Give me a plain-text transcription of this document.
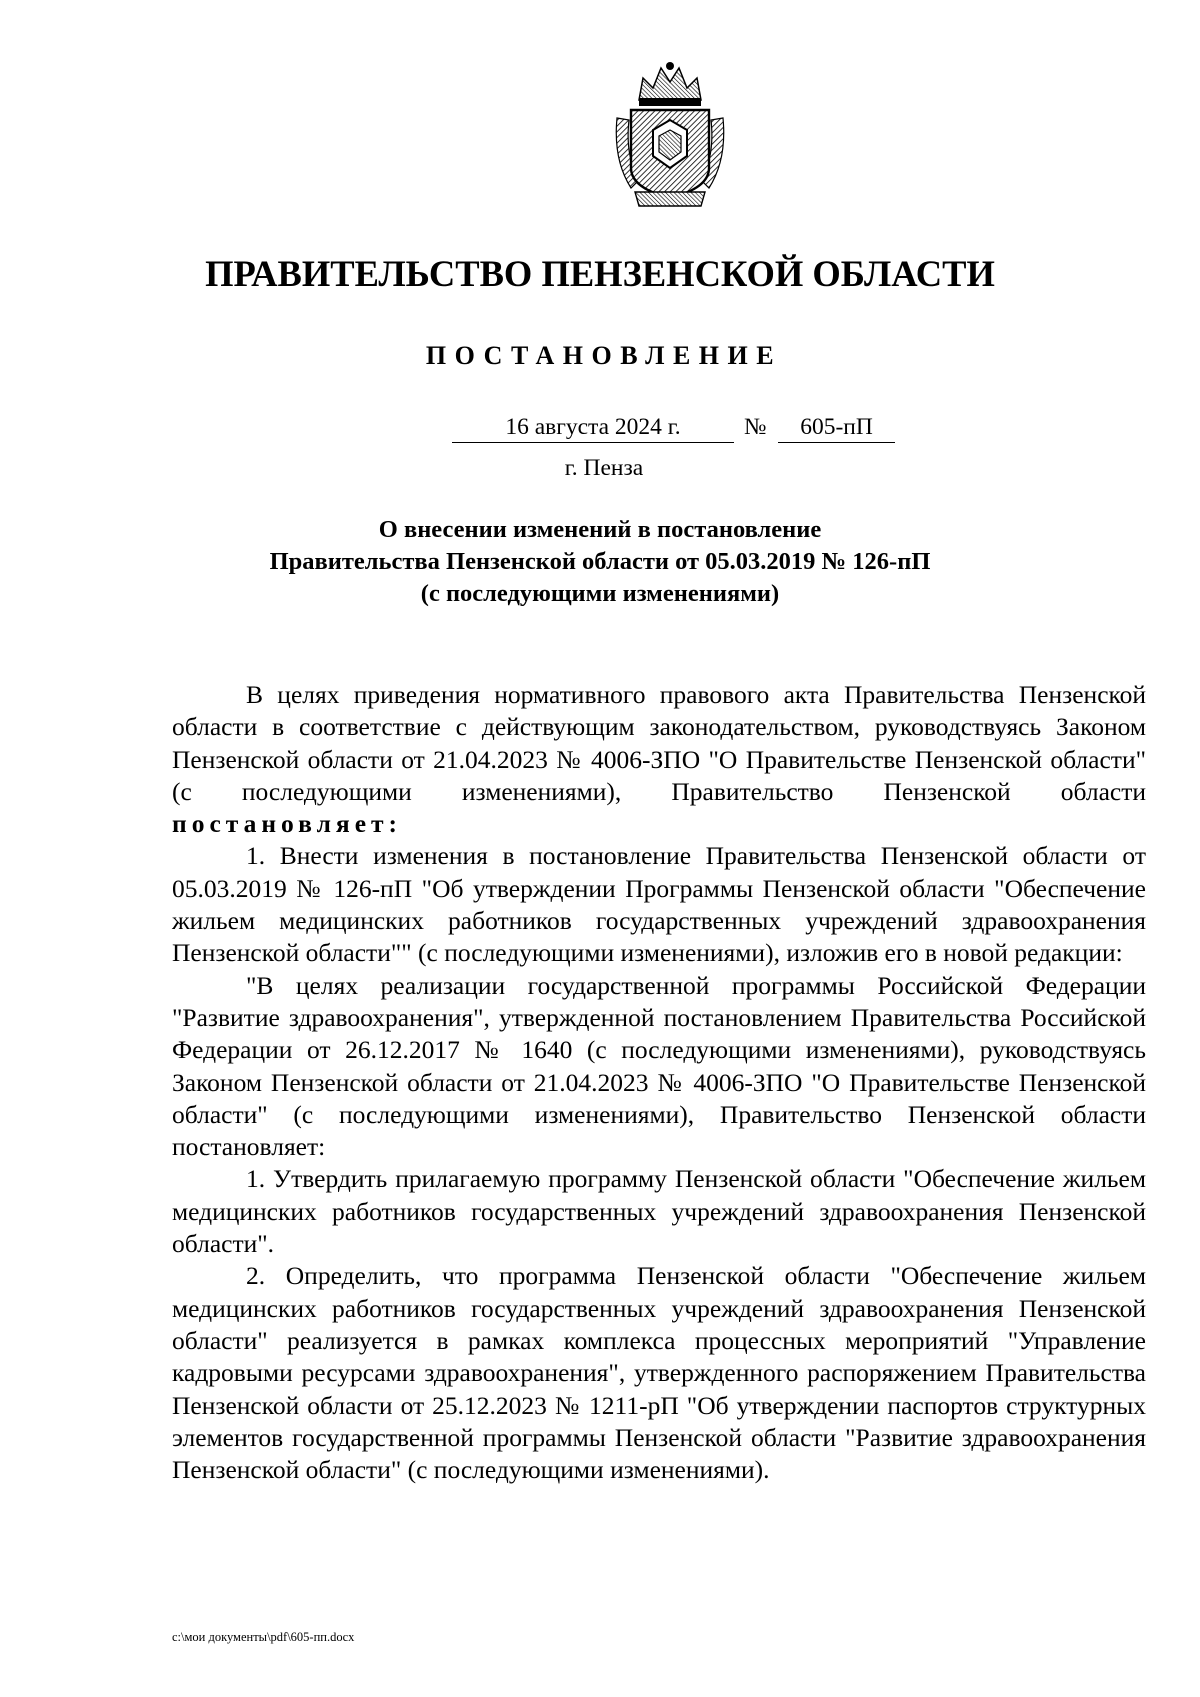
ПРАВИТЕЛЬСТВО ПЕНЗЕНСКОЙ ОБЛАСТИ
ПОСТАНОВЛЕНИЕ
16 августа 2024 г.	№	605-пП
г. Пенза
О внесении изменений в постановление
Правительства Пензенской области от 05.03.2019 № 126-пП
(с последующими изменениями)

В целях приведения нормативного правового акта Правительства Пензенской области в соответствие с действующим законодательством, руководствуясь Законом Пензенской области от 21.04.2023 № 4006-ЗПО "О Правительстве Пензенской области" (с последующими изменениями), Правительство Пензенской области постановляет:

1. Внести изменения в постановление Правительства Пензенской области от 05.03.2019 № 126-пП "Об утверждении Программы Пензенской области "Обеспечение жильем медицинских работников государственных учреждений здравоохранения Пензенской области"" (с последующими изменениями), изложив его в новой редакции:

"В целях реализации государственной программы Российской Федерации "Развитие здравоохранения", утвержденной постановлением Правительства Российской Федерации от 26.12.2017 № 1640 (с последующими изменениями), руководствуясь Законом Пензенской области от 21.04.2023 № 4006-ЗПО "О Правительстве Пензенской области" (с последующими изменениями), Правительство Пензенской области постановляет:

1. Утвердить прилагаемую программу Пензенской области "Обеспечение жильем медицинских работников государственных учреждений здравоохранения Пензенской области".

2. Определить, что программа Пензенской области "Обеспечение жильем медицинских работников государственных учреждений здравоохранения Пензенской области" реализуется в рамках комплекса процессных мероприятий "Управление кадровыми ресурсами здравоохранения", утвержденного распоряжением Правительства Пензенской области от 25.12.2023 № 1211-рП "Об утверждении паспортов структурных элементов государственной программы Пензенской области "Развитие здравоохранения Пензенской области" (с последующими изменениями).

c:\мои документы\pdf\605-пп.docx
